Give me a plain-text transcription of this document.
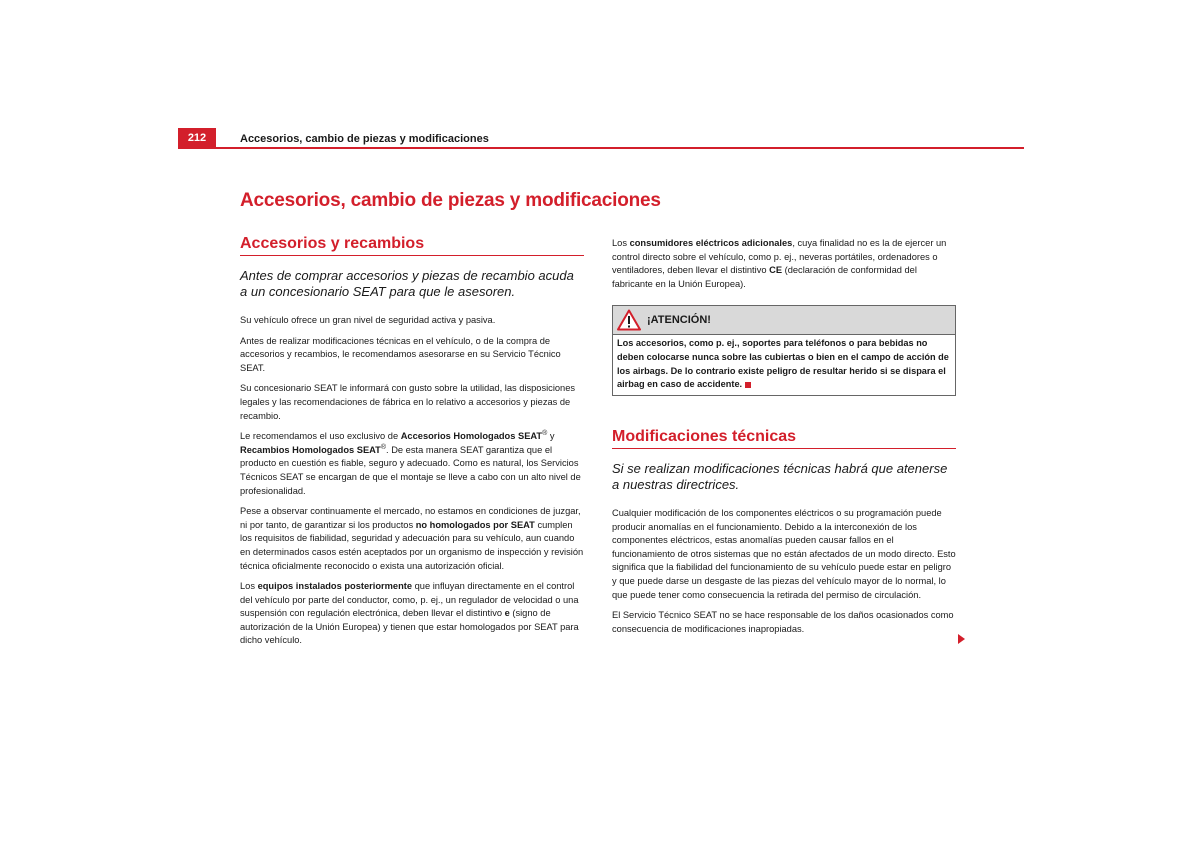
212	Accesorios, cambio de piezas y modificaciones
Accesorios, cambio de piezas y modificaciones
Accesorios y recambios
Antes de comprar accesorios y piezas de recambio acuda a un concesionario SEAT para que le asesoren.

Su vehículo ofrece un gran nivel de seguridad activa y pasiva.

Antes de realizar modificaciones técnicas en el vehículo, o de la compra de accesorios y recambios, le recomendamos asesorarse en su Servicio Técnico SEAT.

Su concesionario SEAT le informará con gusto sobre la utilidad, las disposiciones legales y las recomendaciones de fábrica en lo relativo a accesorios y piezas de recambio.

Le recomendamos el uso exclusivo de Accesorios Homologados SEAT® y Recambios Homologados SEAT®. De esta manera SEAT garantiza que el producto en cuestión es fiable, seguro y adecuado. Como es natural, los Servicios Técnicos SEAT se encargan de que el montaje se lleve a cabo con un alto nivel de profesionalidad.

Pese a observar continuamente el mercado, no estamos en condiciones de juzgar, ni por tanto, de garantizar si los productos no homologados por SEAT cumplen los requisitos de fiabilidad, seguridad y adecuación para su vehículo, aun cuando en determinados casos estén aceptados por un organismo de inspección y revisión técnica oficialmente reconocido o exista una autorización oficial.

Los equipos instalados posteriormente que influyan directamente en el control del vehículo por parte del conductor, como, p. ej., un regulador de velocidad o una suspensión con regulación electrónica, deben llevar el distintivo e (signo de autorización de la Unión Europea) y tienen que estar homologados por SEAT para dicho vehículo.

Los consumidores eléctricos adicionales, cuya finalidad no es la de ejercer un control directo sobre el vehículo, como p. ej., neveras portátiles, ordenadores o ventiladores, deben llevar el distintivo CE (declaración de conformidad del fabricante en la Unión Europea).

¡ATENCIÓN!
Los accesorios, como p. ej., soportes para teléfonos o para bebidas no deben colocarse nunca sobre las cubiertas o bien en el campo de acción de los airbags. De lo contrario existe peligro de resultar herido si se dispara el airbag en caso de accidente.
Modificaciones técnicas
Si se realizan modificaciones técnicas habrá que atenerse a nuestras directrices.

Cualquier modificación de los componentes eléctricos o su programación puede producir anomalías en el funcionamiento. Debido a la interconexión de los componentes eléctricos, estas anomalías pueden causar fallos en el funcionamiento de otros sistemas que no están afectados de un modo directo. Esto significa que la fiabilidad del funcionamiento de su vehículo puede estar en peligro y que puede darse un desgaste de las piezas del vehículo mayor de lo normal, lo que puede tener como consecuencia la retirada del permiso de circulación.

El Servicio Técnico SEAT no se hace responsable de los daños ocasionados como consecuencia de modificaciones inapropiadas.
